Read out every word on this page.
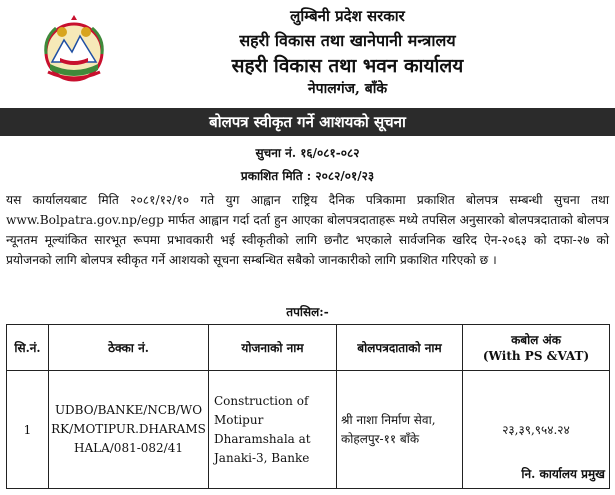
लुम्बिनी प्रदेश सरकार
सहरी विकास तथा खानेपानी मन्त्रालय
सहरी विकास तथा भवन कार्यालय
नेपालगंज, बाँके
बोलपत्र स्वीकृत गर्ने आशयको सूचना
सुचना नं. १६/०८१-०८२
प्रकाशित मिति : २०८२/०१/२३

यस कार्यालयबाट मिति २०८१/१२/१० गते युग आह्वान राष्ट्रिय दैनिक पत्रिकामा प्रकाशित बोलपत्र सम्बन्धी सुचना तथा www.Bolpatra.gov.np/egp मार्फत आह्वान गर्दा दर्ता हुन आएका बोलपत्रदाताहरू मध्ये तपसिल अनुसारको बोलपत्रदाताको बोलपत्र न्यूनतम मूल्यांकित सारभूत रूपमा प्रभावकारी भई स्वीकृतीको लागि छनौट भएकाले सार्वजनिक खरिद ऐन-२०६३ को दफा-२७ को प्रयोजनको लागि बोलपत्र स्वीकृत गर्ने आशयको सूचना सम्बन्धित सबैको जानकारीको लागि प्रकाशित गरिएको छ ।

तपसिल:-
सि.नं.	ठेक्का नं.	योजनाको नाम	बोलपत्रदाताको नाम	कबोल अंक
(With PS &VAT)

1	UDBO/BANKE/NCB/WORK/MOTIPUR.DHARAMSHALA/081-082/41	Construction of Motipur Dharamshala at Janaki-3, Banke	श्री नाशा निर्माण सेवा, कोहलपुर-११ बाँके	२३,३९,९५४.२४
नि. कार्यालय प्रमुख
